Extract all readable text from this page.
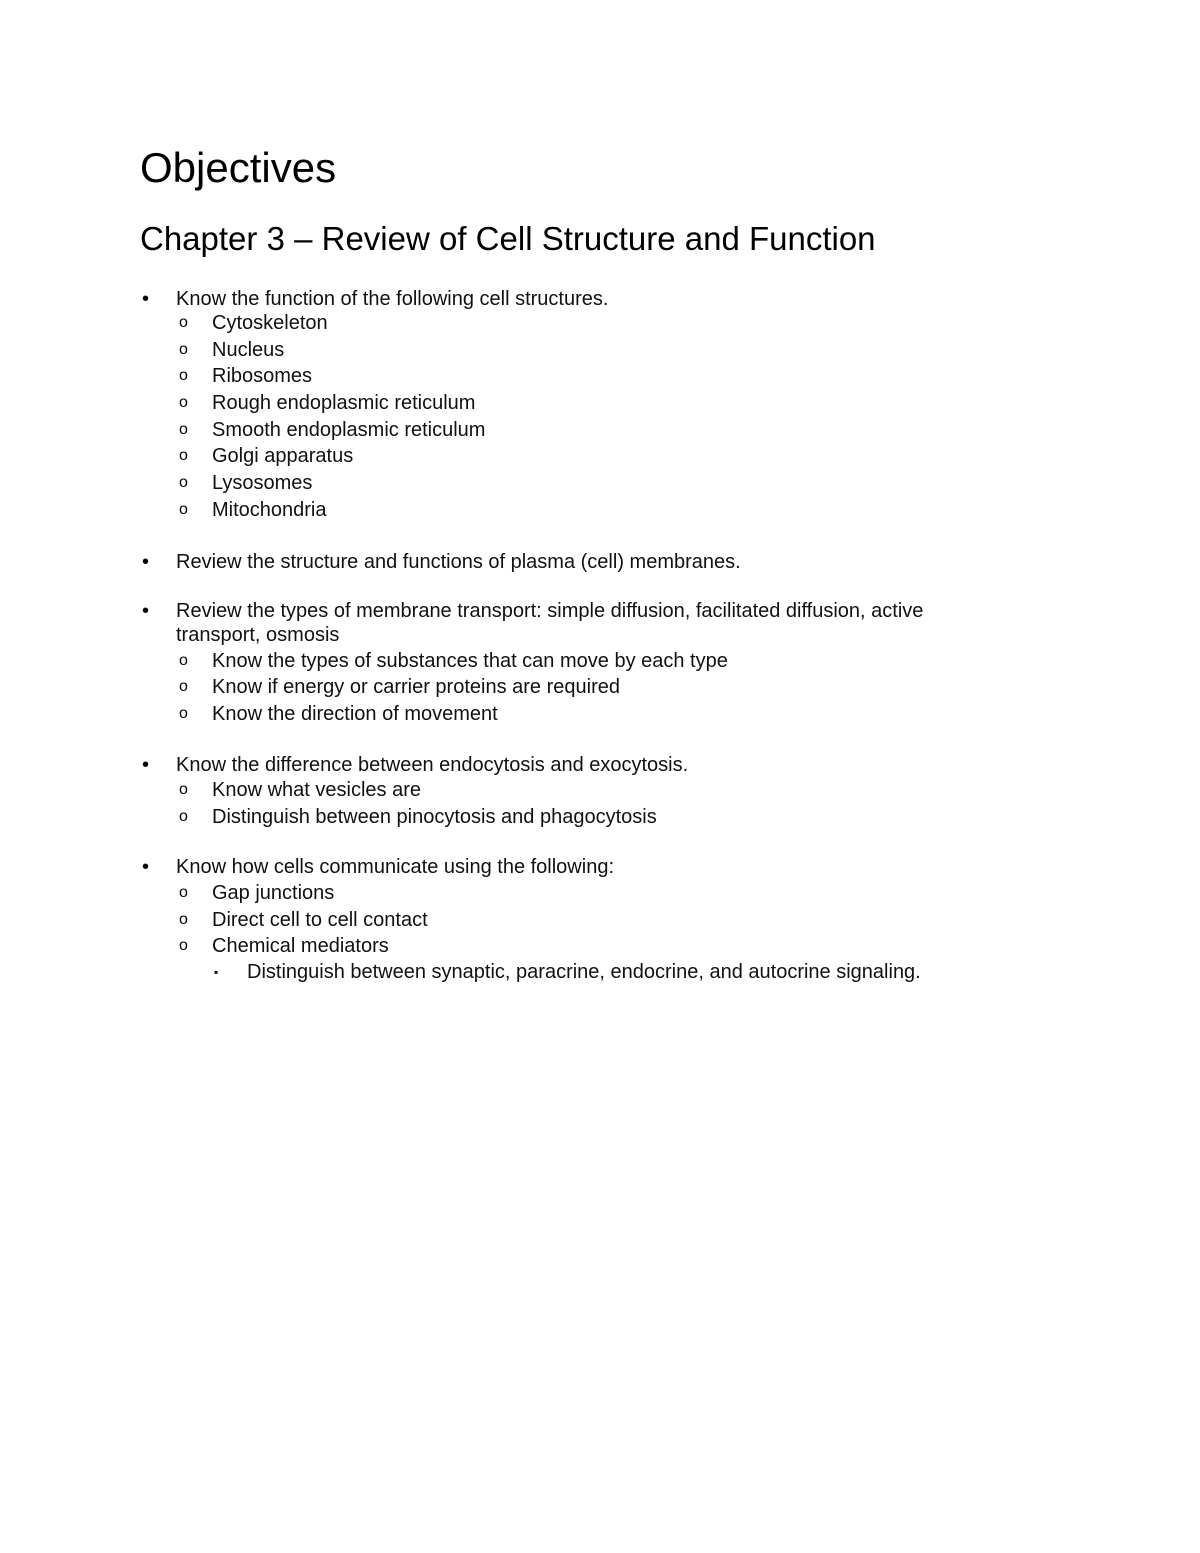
Objectives
Chapter 3 – Review of Cell Structure and Function
• Know the function of the following cell structures.
o Cytoskeleton
o Nucleus
o Ribosomes
o Rough endoplasmic reticulum
o Smooth endoplasmic reticulum
o Golgi apparatus
o Lysosomes
o Mitochondria
• Review the structure and functions of plasma (cell) membranes.
• Review the types of membrane transport: simple diffusion, facilitated diffusion, active
transport, osmosis
o Know the types of substances that can move by each type
o Know if energy or carrier proteins are required
o Know the direction of movement
• Know the difference between endocytosis and exocytosis.
o Know what vesicles are
o Distinguish between pinocytosis and phagocytosis
• Know how cells communicate using the following:
o Gap junctions
o Direct cell to cell contact
o Chemical mediators
▪ Distinguish between synaptic, paracrine, endocrine, and autocrine signaling.
